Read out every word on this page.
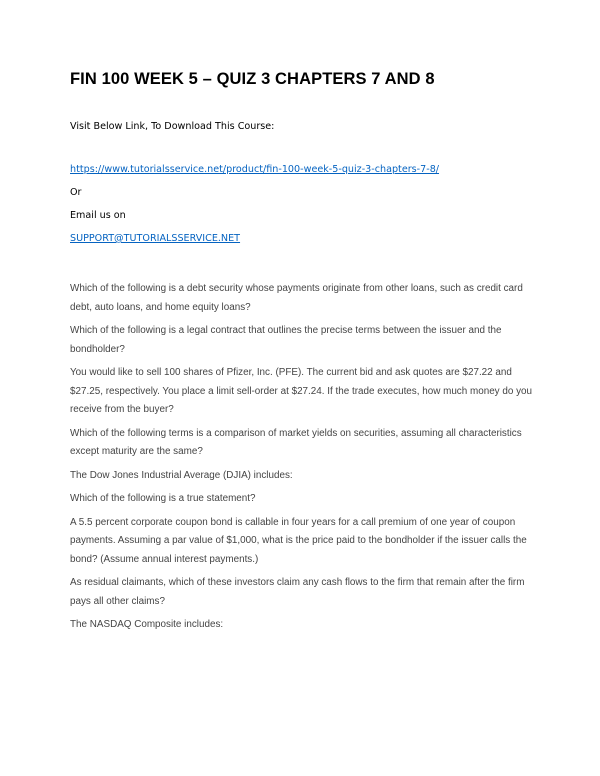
FIN 100 WEEK 5 – QUIZ 3 CHAPTERS 7 AND 8
Visit Below Link, To Download This Course:
https://www.tutorialsservice.net/product/fin-100-week-5-quiz-3-chapters-7-8/
Or
Email us on
SUPPORT@TUTORIALSSERVICE.NET

Which of the following is a debt security whose payments originate from other loans, such as credit card debt, auto loans, and home equity loans?

Which of the following is a legal contract that outlines the precise terms between the issuer and the bondholder?

You would like to sell 100 shares of Pfizer, Inc. (PFE). The current bid and ask quotes are $27.22 and $27.25, respectively. You place a limit sell-order at $27.24. If the trade executes, how much money do you receive from the buyer?

Which of the following terms is a comparison of market yields on securities, assuming all characteristics except maturity are the same?

The Dow Jones Industrial Average (DJIA) includes:

Which of the following is a true statement?

A 5.5 percent corporate coupon bond is callable in four years for a call premium of one year of coupon payments. Assuming a par value of $1,000, what is the price paid to the bondholder if the issuer calls the bond? (Assume annual interest payments.)

As residual claimants, which of these investors claim any cash flows to the firm that remain after the firm pays all other claims?

The NASDAQ Composite includes:
